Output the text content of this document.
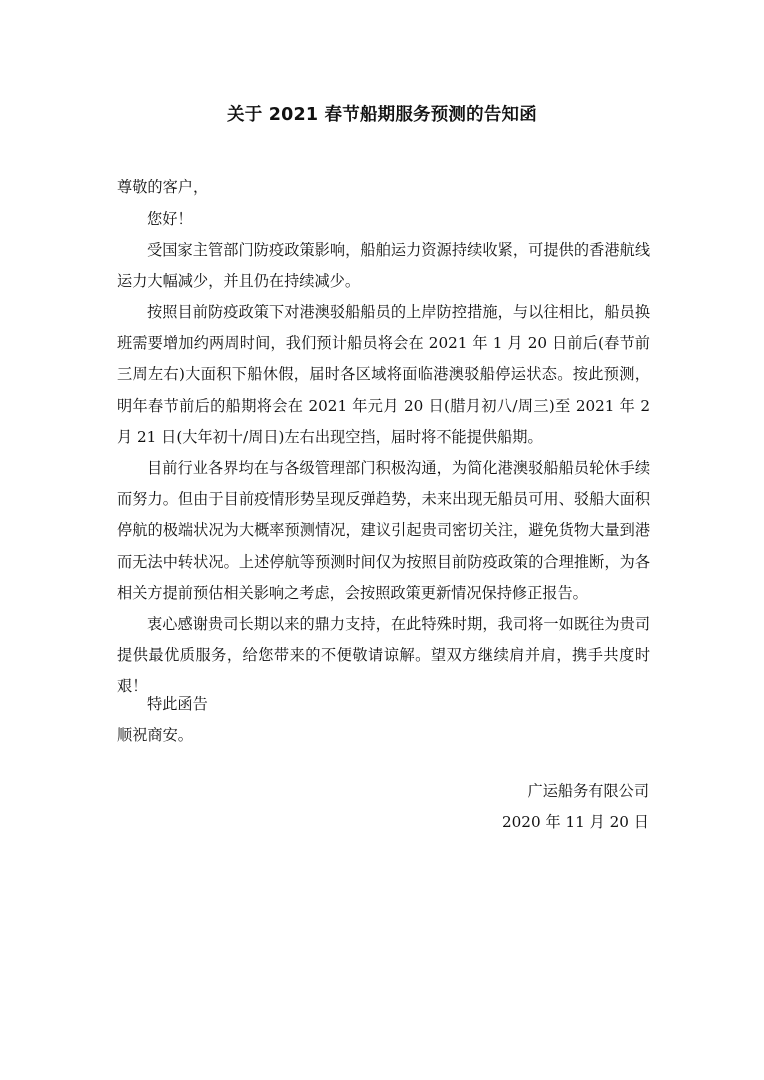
关于 2021 春节船期服务预测的告知函

尊敬的客户，

您好！

受国家主管部门防疫政策影响，船舶运力资源持续收紧，可提供的香港航线运力大幅减少，并且仍在持续减少。

按照目前防疫政策下对港澳驳船船员的上岸防控措施，与以往相比，船员换班需要增加约两周时间，我们预计船员将会在 2021 年 1 月 20 日前后(春节前三周左右)大面积下船休假，届时各区域将面临港澳驳船停运状态。按此预测，明年春节前后的船期将会在 2021 年元月 20 日(腊月初八/周三)至 2021 年 2 月 21 日(大年初十/周日)左右出现空挡，届时将不能提供船期。

目前行业各界均在与各级管理部门积极沟通，为简化港澳驳船船员轮休手续而努力。但由于目前疫情形势呈现反弹趋势，未来出现无船员可用、驳船大面积停航的极端状况为大概率预测情况，建议引起贵司密切关注，避免货物大量到港而无法中转状况。上述停航等预测时间仅为按照目前防疫政策的合理推断，为各相关方提前预估相关影响之考虑，会按照政策更新情况保持修正报告。

衷心感谢贵司长期以来的鼎力支持，在此特殊时期，我司将一如既往为贵司提供最优质服务，给您带来的不便敬请谅解。望双方继续肩并肩，携手共度时艰！

特此函告

顺祝商安。

广运船务有限公司

2020 年 11 月 20 日
